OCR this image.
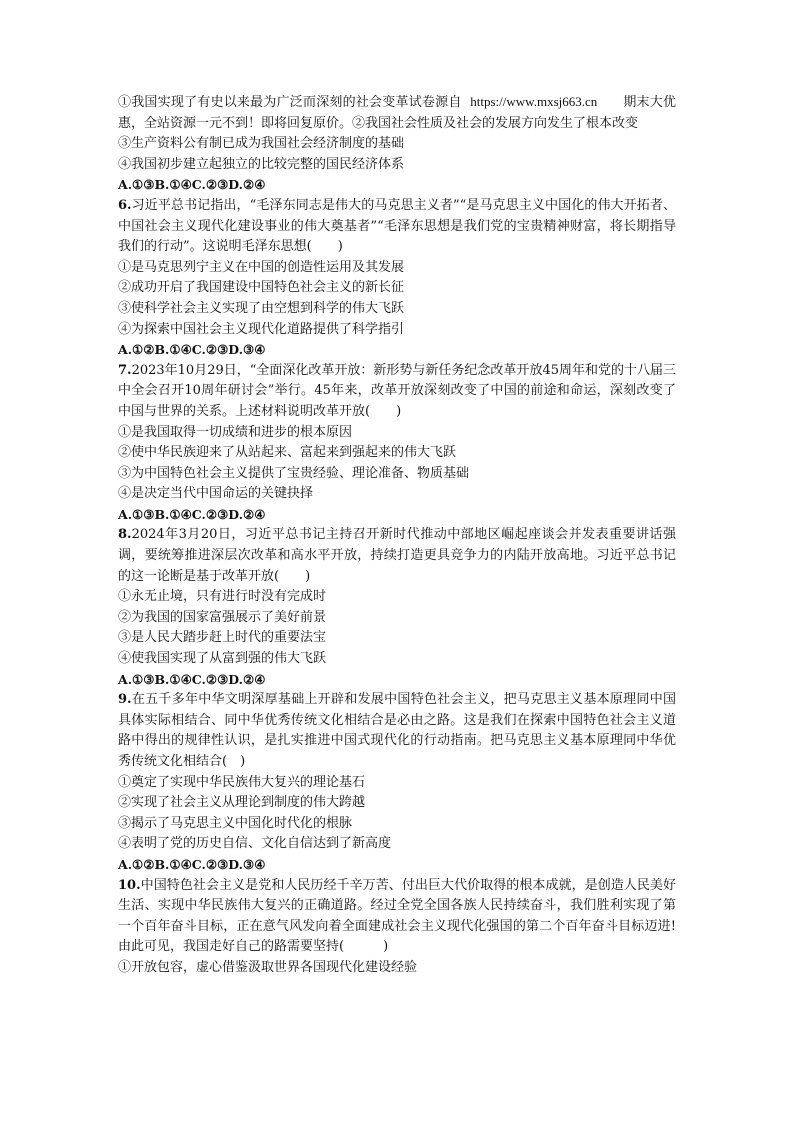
①我国实现了有史以来最为广泛而深刻的社会变革试卷源自 https://www.mxsj663.cn 期末大优惠，全站资源一元不到！即将回复原价。②我国社会性质及社会的发展方向发生了根本改变
③生产资料公有制已成为我国社会经济制度的基础
④我国初步建立起独立的比较完整的国民经济体系
A.①③B.①④C.②③D.②④
6.习近平总书记指出，“毛泽东同志是伟大的马克思主义者”“是马克思主义中国化的伟大开拓者、中国社会主义现代化建设事业的伟大奠基者”“毛泽东思想是我们党的宝贵精神财富，将长期指导我们的行动”。这说明毛泽东思想(　　)
①是马克思列宁主义在中国的创造性运用及其发展
②成功开启了我国建设中国特色社会主义的新长征
③使科学社会主义实现了由空想到科学的伟大飞跃
④为探索中国社会主义现代化道路提供了科学指引
A.①②B.①④C.②③D.③④
7.2023年10月29日，“全面深化改革开放：新形势与新任务纪念改革开放45周年和党的十八届三中全会召开10周年研讨会”举行。45年来，改革开放深刻改变了中国的前途和命运，深刻改变了中国与世界的关系。上述材料说明改革开放(　　)
①是我国取得一切成绩和进步的根本原因
②使中华民族迎来了从站起来、富起来到强起来的伟大飞跃
③为中国特色社会主义提供了宝贵经验、理论准备、物质基础
④是决定当代中国命运的关键抉择
A.①③B.①④C.②③D.②④
8.2024年3月20日，习近平总书记主持召开新时代推动中部地区崛起座谈会并发表重要讲话强调，要统筹推进深层次改革和高水平开放，持续打造更具竞争力的内陆开放高地。习近平总书记的这一论断是基于改革开放(　　)
①永无止境，只有进行时没有完成时
②为我国的国家富强展示了美好前景
③是人民大踏步赶上时代的重要法宝
④使我国实现了从富到强的伟大飞跃
A.①③B.①④C.②③D.②④
9.在五千多年中华文明深厚基础上开辟和发展中国特色社会主义，把马克思主义基本原理同中国具体实际相结合、同中华优秀传统文化相结合是必由之路。这是我们在探索中国特色社会主义道路中得出的规律性认识，是扎实推进中国式现代化的行动指南。把马克思主义基本原理同中华优秀传统文化相结合(　)
①奠定了实现中华民族伟大复兴的理论基石
②实现了社会主义从理论到制度的伟大跨越
③揭示了马克思主义中国化时代化的根脉
④表明了党的历史自信、文化自信达到了新高度
A.①②B.①④C.②③D.③④
10.中国特色社会主义是党和人民历经千辛万苦、付出巨大代价取得的根本成就，是创造人民美好生活、实现中华民族伟大复兴的正确道路。经过全党全国各族人民持续奋斗，我们胜利实现了第一个百年奋斗目标，正在意气风发向着全面建成社会主义现代化强国的第二个百年奋斗目标迈进!由此可见，我国走好自己的路需要坚持(　　　)
①开放包容，虚心借鉴汲取世界各国现代化建设经验
